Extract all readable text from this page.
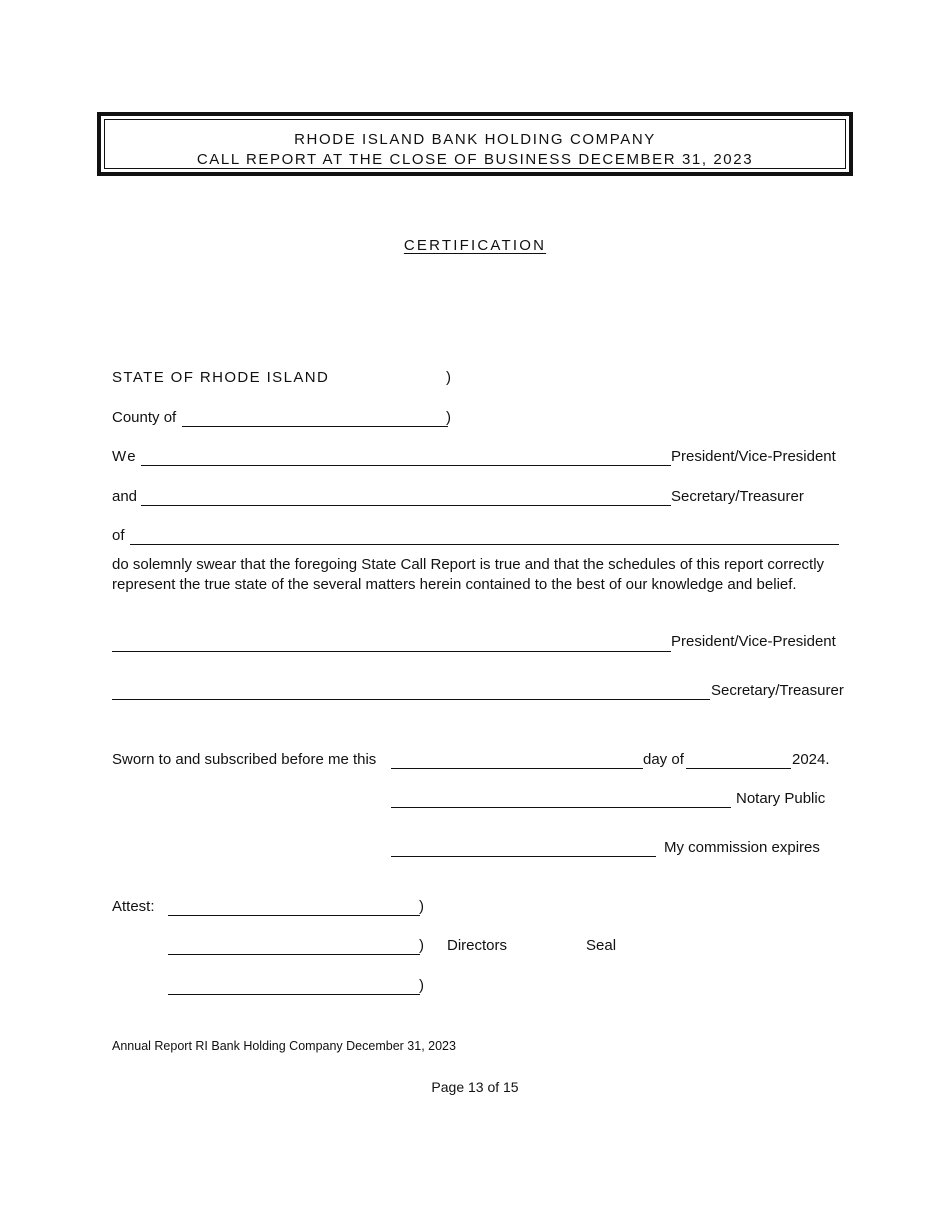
RHODE ISLAND BANK HOLDING COMPANY
CALL REPORT AT THE CLOSE OF BUSINESS DECEMBER 31, 2023
CERTIFICATION
STATE OF RHODE ISLAND	)
County of	)
We	President/Vice-President
and	Secretary/Treasurer
of
do solemnly swear that the foregoing State Call Report is true and that the schedules of this report correctly represent the true state of the several matters herein contained to the best of our knowledge and belief.
President/Vice-President
Secretary/Treasurer
Sworn to and subscribed before me this	day of	2024.
Notary Public
My commission expires
Attest:	)
) Directors	Seal
)
Annual Report RI Bank Holding Company December 31, 2023
Page 13 of 15
